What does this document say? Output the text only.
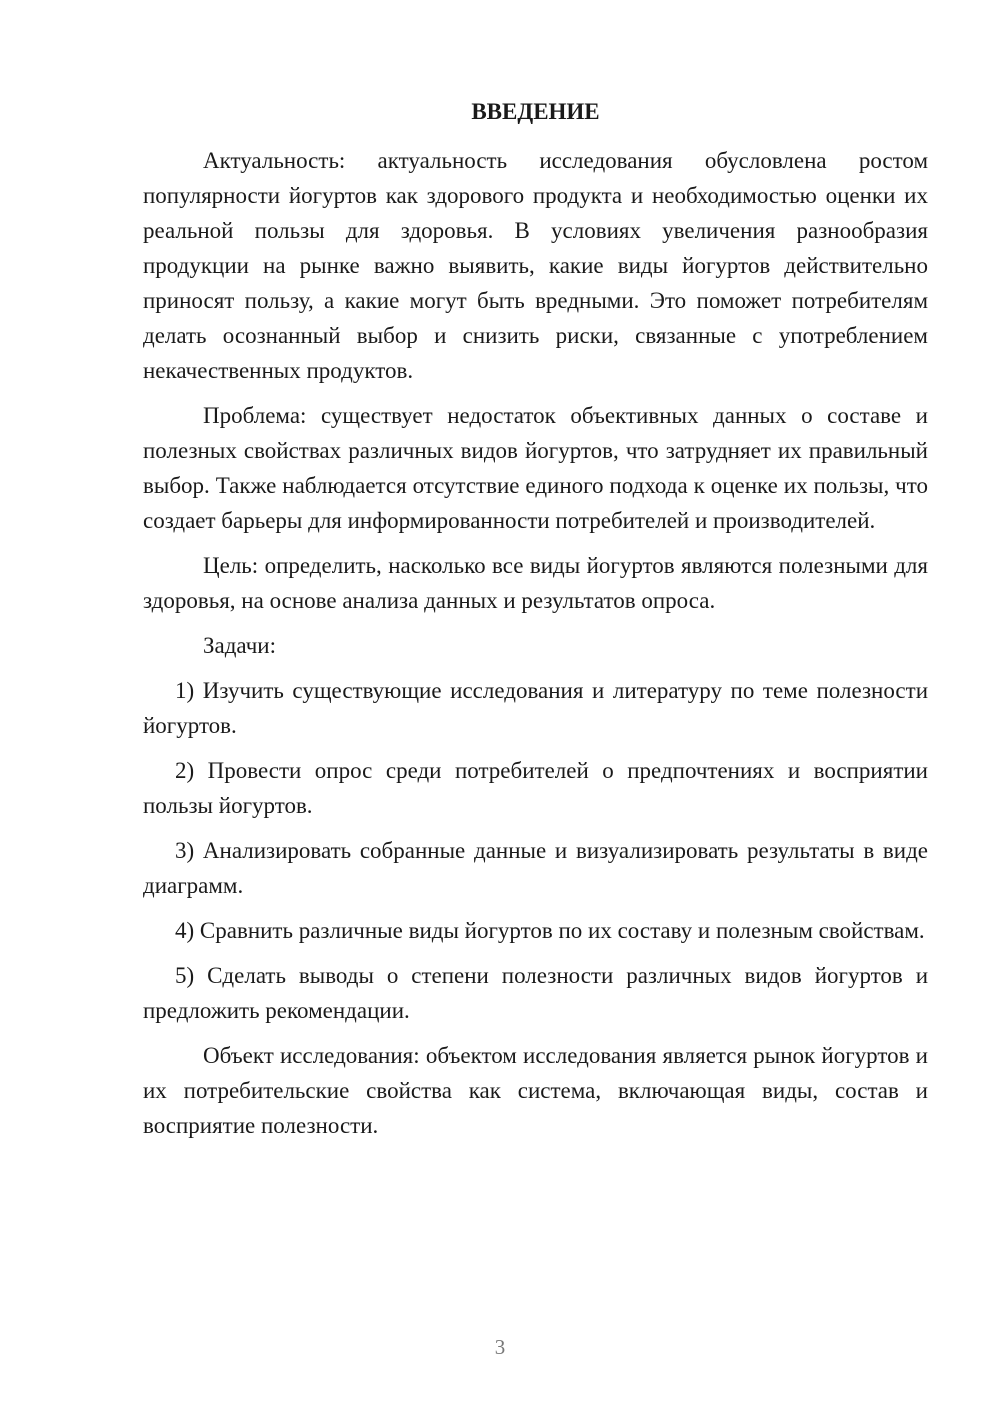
ВВЕДЕНИЕ

Актуальность: актуальность исследования обусловлена ростом популярности йогуртов как здорового продукта и необходимостью оценки их реальной пользы для здоровья. В условиях увеличения разнообразия продукции на рынке важно выявить, какие виды йогуртов действительно приносят пользу, а какие могут быть вредными. Это поможет потребителям делать осознанный выбор и снизить риски, связанные с употреблением некачественных продуктов.

Проблема: существует недостаток объективных данных о составе и полезных свойствах различных видов йогуртов, что затрудняет их правильный выбор. Также наблюдается отсутствие единого подхода к оценке их пользы, что создает барьеры для информированности потребителей и производителей.

Цель: определить, насколько все виды йогуртов являются полезными для здоровья, на основе анализа данных и результатов опроса.

Задачи:

1) Изучить существующие исследования и литературу по теме полезности йогуртов.

2) Провести опрос среди потребителей о предпочтениях и восприятии пользы йогуртов.

3) Анализировать собранные данные и визуализировать результаты в виде диаграмм.

4) Сравнить различные виды йогуртов по их составу и полезным свойствам.

5) Сделать выводы о степени полезности различных видов йогуртов и предложить рекомендации.

Объект исследования: объектом исследования является рынок йогуртов и их потребительские свойства как система, включающая виды, состав и восприятие полезности.

3
